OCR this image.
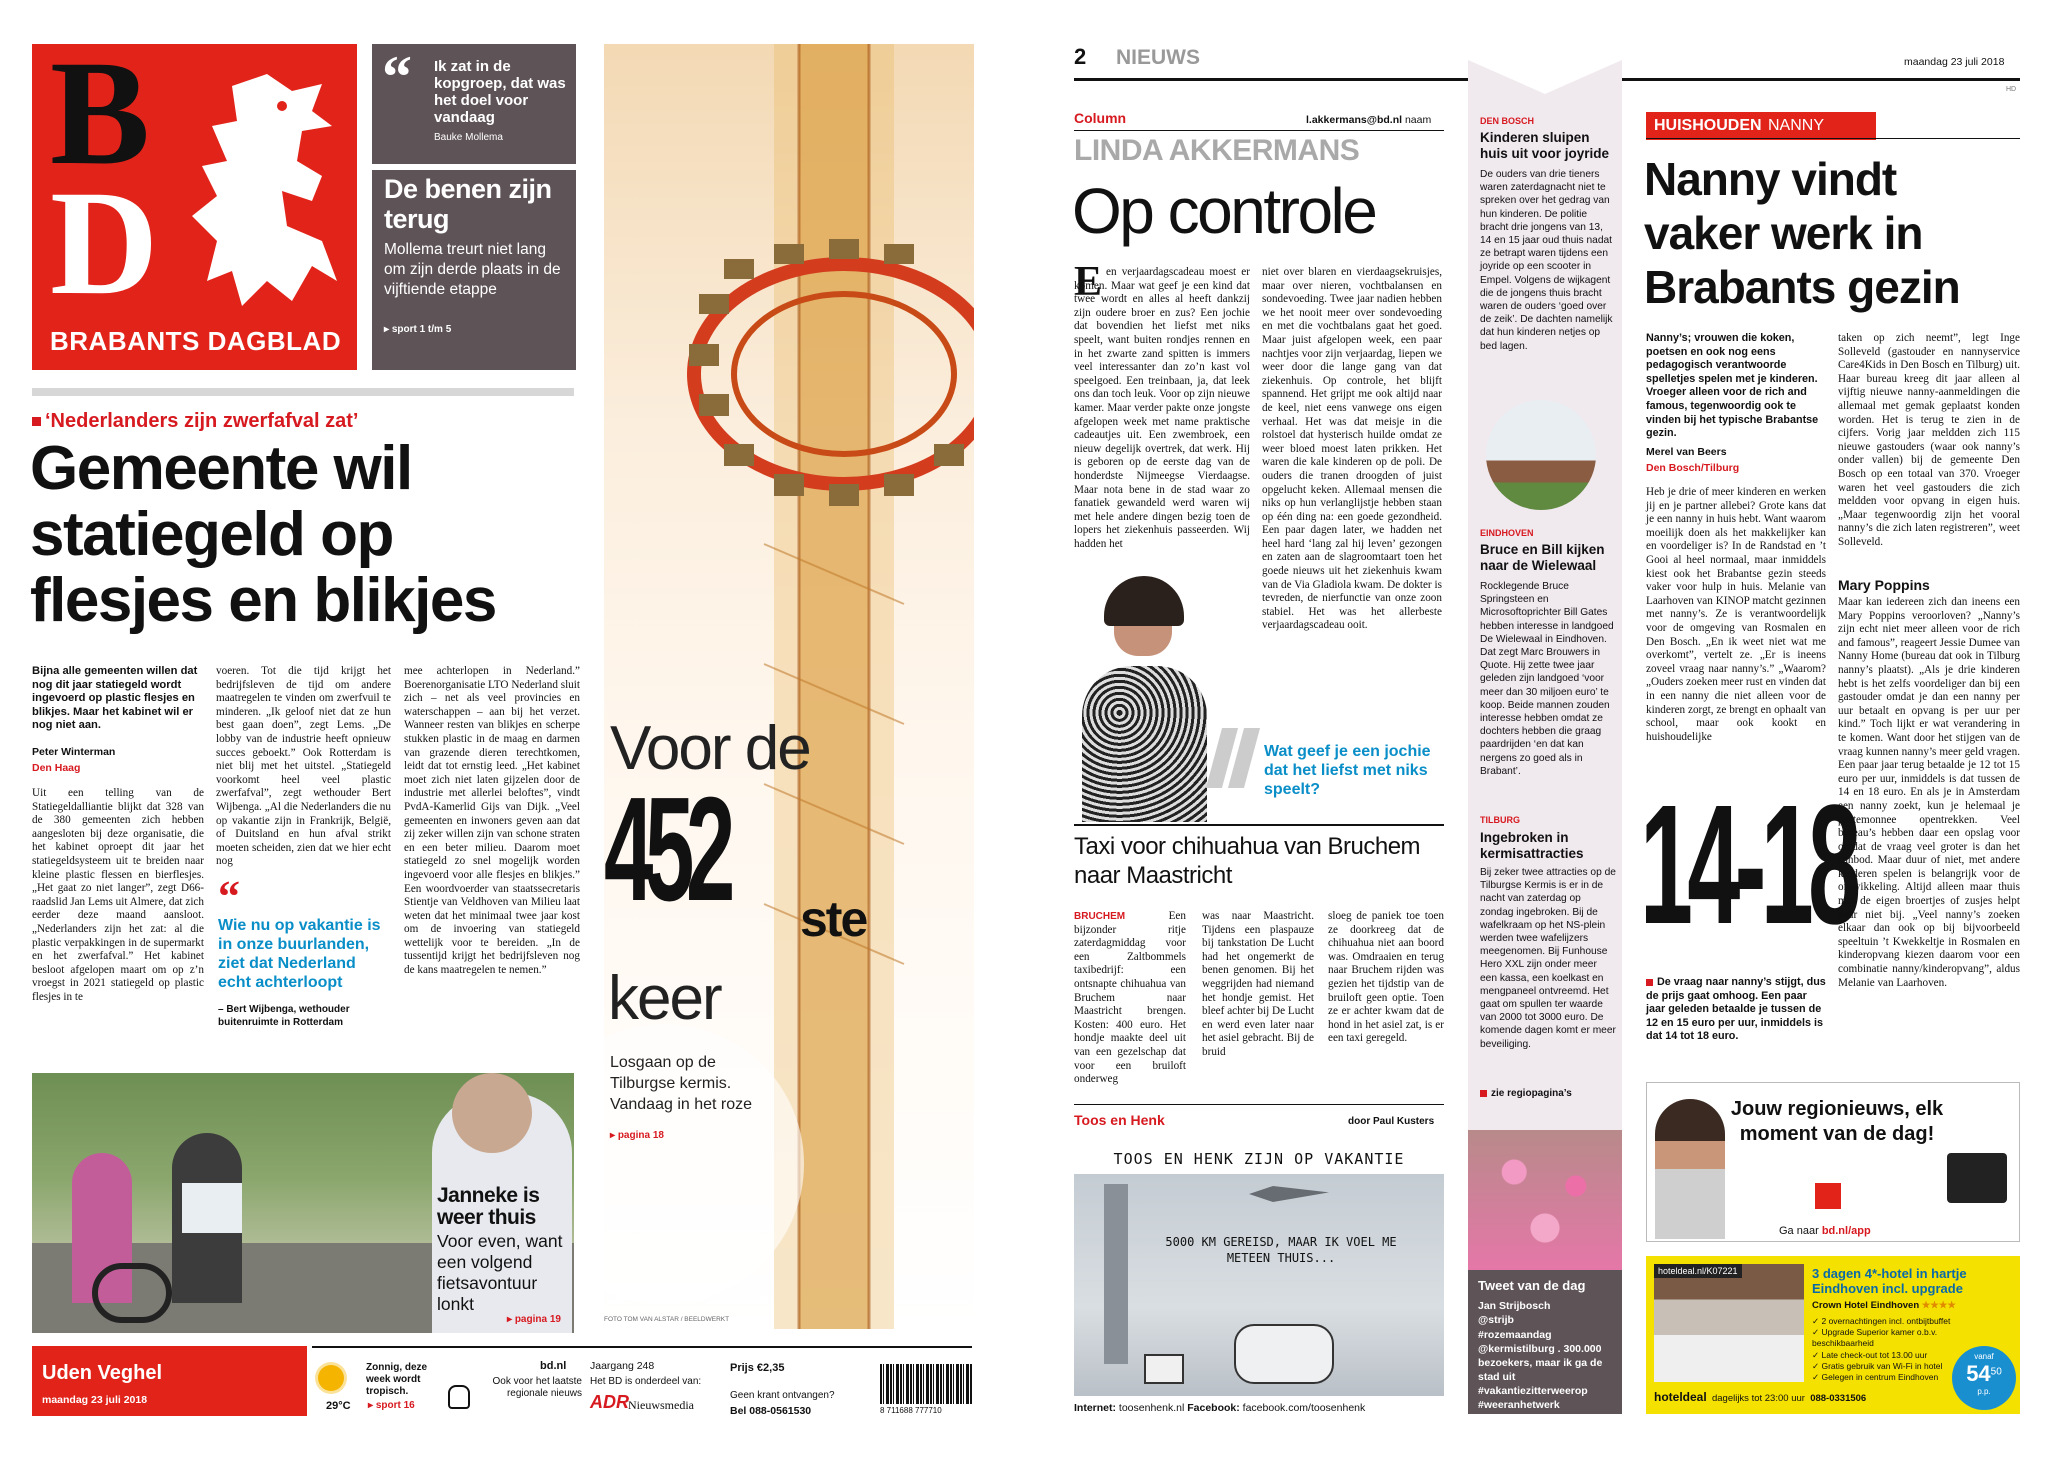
B
D
BRABANTS DAGBLAD
“ Ik zat in de kopgroep, dat was het doel voor vandaag
Bauke Mollema
De benen zijn terug
Mollema treurt niet lang om zijn derde plaats in de vijftiende etappe
▸ sport 1 t/m 5
Voor de
452	ste
keer
Losgaan op de Tilburgse kermis. Vandaag in het roze
▸ pagina 18
FOTO TOM VAN ALSTAR / BEELDWERKT
‘Nederlanders zijn zwerfafval zat’
Gemeente wil statiegeld op flesjes en blikjes
Bijna alle gemeenten willen dat nog dit jaar statiegeld wordt ingevoerd op plastic flesjes en blikjes. Maar het kabinet wil er nog niet aan.
Peter Winterman
Den Haag
Uit een telling van de Statiegeldalliantie blijkt dat 328 van de 380 gemeenten zich hebben aangesloten bij deze organisatie, die het kabinet oproept dit jaar het statiegeldsysteem uit te breiden naar kleine plastic flessen en bierflesjes. „Het gaat zo niet langer”, zegt D66-raadslid Jan Lems uit Almere, dat zich eerder deze maand aansloot. „Nederlanders zijn het zat: al die plastic verpakkingen in de supermarkt en het zwerfafval.” Het kabinet besloot afgelopen maart om op z’n vroegst in 2021 statiegeld op plastic flesjes in te
voeren. Tot die tijd krijgt het bedrijfsleven de tijd om andere maatregelen te vinden om zwerfvuil te minderen. „Ik geloof niet dat ze hun best gaan doen”, zegt Lems. „De lobby van de industrie heeft opnieuw succes geboekt.” Ook Rotterdam is niet blij met het uitstel. „Statiegeld voorkomt heel veel plastic zwerfafval”, zegt wethouder Bert Wijbenga. „Al die Nederlanders die nu op vakantie zijn in Frankrijk, België, of Duitsland en hun afval strikt moeten scheiden, zien dat we hier echt nog
“
Wie nu op vakantie is in onze buurlanden, ziet dat Nederland echt achterloopt
– Bert Wijbenga, wethouder buitenruimte in Rotterdam
mee achterlopen in Nederland.” Boerenorganisatie LTO Nederland sluit zich – net als veel provincies en waterschappen – aan bij het verzet. Wanneer resten van blikjes en scherpe stukken plastic in de maag en darmen van grazende dieren terechtkomen, leidt dat tot ernstig leed. „Het kabinet moet zich niet laten gijzelen door de industrie met allerlei beloftes”, vindt PvdA-Kamerlid Gijs van Dijk. „Veel gemeenten en inwoners geven aan dat zij zeker willen zijn van schone straten en een beter milieu. Daarom moet statiegeld zo snel mogelijk worden ingevoerd voor alle flesjes en blikjes.” Een woordvoerder van staatssecretaris Stientje van Veldhoven van Milieu laat weten dat het minimaal twee jaar kost om de invoering van statiegeld wettelijk voor te bereiden. „In de tussentijd krijgt het bedrijfsleven nog de kans maatregelen te nemen.”
Janneke is weer thuis
Voor even, want een volgend fietsavontuur lonkt
▸ pagina 19
Uden Veghel
maandag 23 juli 2018
Zonnig, deze week wordt tropisch.
29°C ▸ sport 16
bd.nl
Ook voor het laatste regionale nieuws
Jaargang 248
Het BD is onderdeel van:
ADR Nieuwsmedia
Prijs €2,35
Geen krant ontvangen?
Bel 088-0561530	8 711688 777710
2 NIEUWS	maandag 23 juli 2018
HD
Column	l.akkermans@bd.nl naam
LINDA AKKERMANS
Op controle
E en verjaardagscadeau moest er komen. Maar wat geef je een kind dat twee wordt en alles al heeft dankzij zijn oudere broer en zus? Een jochie dat bovendien het liefst met niks speelt, want buiten rondjes rennen en in het zwarte zand spitten is immers veel interessanter dan zo’n kast vol speelgoed. Een treinbaan, ja, dat leek ons dan toch leuk. Voor op zijn nieuwe kamer. Maar verder pakte onze jongste afgelopen week met name praktische cadeautjes uit. Een zwembroek, een nieuw degelijk overtrek, dat werk. Hij is geboren op de eerste dag van de honderdste Nijmeegse Vierdaagse. Maar nota bene in de stad waar zo fanatiek gewandeld werd waren wij met hele andere dingen bezig toen de lopers het ziekenhuis passeerden. Wij hadden het
niet over blaren en vierdaagsekruisjes, maar over nieren, vochtbalansen en sondevoeding. Twee jaar nadien hebben we het nooit meer over sondevoeding en met die vochtbalans gaat het goed. Maar juist afgelopen week, een paar nachtjes voor zijn verjaardag, liepen we weer door die lange gang van dat ziekenhuis. Op controle, het blijft spannend. Het grijpt me ook altijd naar de keel, niet eens vanwege ons eigen verhaal. Het was dat meisje in die rolstoel dat hysterisch huilde omdat ze weer bloed moest laten prikken. Het waren die kale kinderen op de poli. De ouders die tranen droogden of juist opgelucht keken. Allemaal mensen die niks op hun verlanglijstje hebben staan op één ding na: een goede gezondheid. Een paar dagen later, we hadden net heel hard ‘lang zal hij leven’ gezongen en zaten aan de slagroomtaart toen het goede nieuws uit het ziekenhuis kwam van de Via Gladiola kwam. De dokter is tevreden, de nierfunctie van onze zoon stabiel. Het was het allerbeste verjaardagscadeau ooit.
Wat geef je een jochie dat het liefst met niks speelt?
Taxi voor chihuahua van Bruchem naar Maastricht
BRUCHEM	Een bijzonder ritje zaterdagmiddag voor een Zaltbommels taxibedrijf: een ontsnapte chihuahua van Bruchem naar Maastricht brengen. Kosten: 400 euro. Het hondje maakte deel uit van een gezelschap dat voor een bruiloft onderweg
was naar Maastricht. Tijdens een plaspauze bij tankstation De Lucht had het ongemerkt de benen genomen. Bij het weggrijden had niemand het hondje gemist. Het bleef achter bij De Lucht en werd even later naar het asiel gebracht. Bij de bruid
sloeg de paniek toe toen ze doorkreeg dat de chihuahua niet aan boord was. Omdraaien en terug naar Bruchem rijden was gezien het tijdstip van de bruiloft geen optie. Toen ze er achter kwam dat de hond in het asiel zat, is er een taxi geregeld.
Toos en Henk	door Paul Kusters
TOOS EN HENK ZIJN OP VAKANTIE
5000 KM GEREISD, MAAR IK VOEL ME METEEN THUIS...
Internet: toosenhenk.nl Facebook: facebook.com/toosenhenk
DEN BOSCH
Kinderen sluipen huis uit voor joyride
De ouders van drie tieners waren zaterdagnacht niet te spreken over het gedrag van hun kinderen. De politie bracht drie jongens van 13, 14 en 15 jaar oud thuis nadat ze betrapt waren tijdens een joyride op een scooter in Empel. Volgens de wijkagent die de jongens thuis bracht waren de ouders ‘goed over de zeik’. De dachten namelijk dat hun kinderen netjes op bed lagen.
EINDHOVEN
Bruce en Bill kijken naar de Wielewaal
Rocklegende Bruce Springsteen en Microsoftoprichter Bill Gates hebben interesse in landgoed De Wielewaal in Eindhoven. Dat zegt Marc Brouwers in Quote. Hij zette twee jaar geleden zijn landgoed ‘voor meer dan 30 miljoen euro’ te koop. Beide mannen zouden interesse hebben omdat ze dochters hebben die graag paardrijden ‘en dat kan nergens zo goed als in Brabant’.
TILBURG
Ingebroken in kermisattracties
Bij zeker twee attracties op de Tilburgse Kermis is er in de nacht van zaterdag op zondag ingebroken. Bij de wafelkraam op het NS-plein werden twee wafelijzers meegenomen. Bij Funhouse Hero XXL zijn onder meer een kassa, een koelkast en mengpaneel ontvreemd. Het gaat om spullen ter waarde van 2000 tot 3000 euro. De komende dagen komt er meer beveiliging.
zie regiopagina’s
Tweet van de dag
Jan Strijbosch
@strijb
#rozemaandag @kermistilburg . 300.000 bezoekers, maar ik ga de stad uit #vakantiezitterweerop #weeranhetwerk #lekkervluchten
HUISHOUDEN NANNY
Nanny vindt vaker werk in Brabants gezin
Nanny’s; vrouwen die koken, poetsen en ook nog eens pedagogisch verantwoorde spelletjes spelen met je kinderen. Vroeger alleen voor de rich and famous, tegenwoordig ook te vinden bij het typische Brabantse gezin.
Merel van Beers
Den Bosch/Tilburg
Heb je drie of meer kinderen en werken jij en je partner allebei? Grote kans dat je een nanny in huis hebt. Want waarom moeilijk doen als het makkelijker kan en voordeliger is? In de Randstad en ’t Gooi al heel normaal, maar inmiddels kiest ook het Brabantse gezin steeds vaker voor hulp in huis. Melanie van Laarhoven van KINOP matcht gezinnen met nanny’s. Ze is verantwoordelijk voor de omgeving van Rosmalen en Den Bosch. „En ik weet niet wat me overkomt”, vertelt ze. „Er is ineens zoveel vraag naar nanny’s.” „Waarom? „Ouders zoeken meer rust en vinden dat in een nanny die niet alleen voor de kinderen zorgt, ze brengt en ophaalt van school, maar ook kookt en huishoudelijke
14-18
De vraag naar nanny’s stijgt, dus de prijs gaat omhoog. Een paar jaar geleden betaalde je tussen de 12 en 15 euro per uur, inmiddels is dat 14 tot 18 euro.
taken op zich neemt”, legt Inge Solleveld (gastouder en nannyservice Care4Kids in Den Bosch en Tilburg) uit. Haar bureau kreeg dit jaar alleen al vijftig nieuwe nanny-aanmeldingen die allemaal met gemak geplaatst konden worden. Het is terug te zien in de cijfers. Vorig jaar meldden zich 115 nieuwe gastouders (waar ook nanny’s onder vallen) bij de gemeente Den Bosch op een totaal van 370. Vroeger waren het veel gastouders die zich meldden voor opvang in eigen huis. „Maar tegenwoordig zijn het vooral nanny’s die zich laten registreren”, weet Solleveld.
Mary Poppins
Maar kan iedereen zich dan ineens een Mary Poppins veroorloven? „Nanny’s zijn echt niet meer alleen voor de rich and famous”, reageert Jessie Dumee van Nanny Home (bureau dat ook in Tilburg nanny’s plaatst). „Als je drie kinderen hebt is het zelfs voordeliger dan bij een gastouder omdat je dan een nanny per uur betaalt en opvang is per uur per kind.” Toch lijkt er wat verandering in te komen. Want door het stijgen van de vraag kunnen nanny’s meer geld vragen. Een paar jaar terug betaalde je 12 tot 15 euro per uur, inmiddels is dat tussen de 14 en 18 euro. En als je in Amsterdam een nanny zoekt, kun je helemaal je portemonnee opentrekken. Veel bureau’s hebben daar een opslag voor omdat de vraag veel groter is dan het aanbod. Maar duur of niet, met andere kinderen spelen is belangrijk voor de ontwikkeling. Altijd alleen maar thuis met de eigen broertjes of zusjes helpt daar niet bij. „Veel nanny’s zoeken elkaar dan ook op bij bijvoorbeeld speeltuin ’t Kwekkeltje in Rosmalen en kinderopvang kiezen daarom voor een combinatie nanny/kinderopvang”, aldus Melanie van Laarhoven.
Jouw regionieuws, elk moment van de dag!
Ga naar bd.nl/app
hoteldeal.nl/K07221	3 dagen 4*-hotel in hartje Eindhoven incl. upgrade
Crown Hotel Eindhoven ★★★★
✓ 2 overnachtingen incl. ontbijtbuffet
✓ Upgrade Superior kamer o.b.v. beschikbaarheid
✓ Late check-out tot 13.00 uur
✓ Gratis gebruik van Wi-Fi in hotel
✓ Gelegen in centrum Eindhoven
vanaf
$54^{50}$
p.p.
hoteldeal dagelijks tot 23:00 uur 088-0331506
